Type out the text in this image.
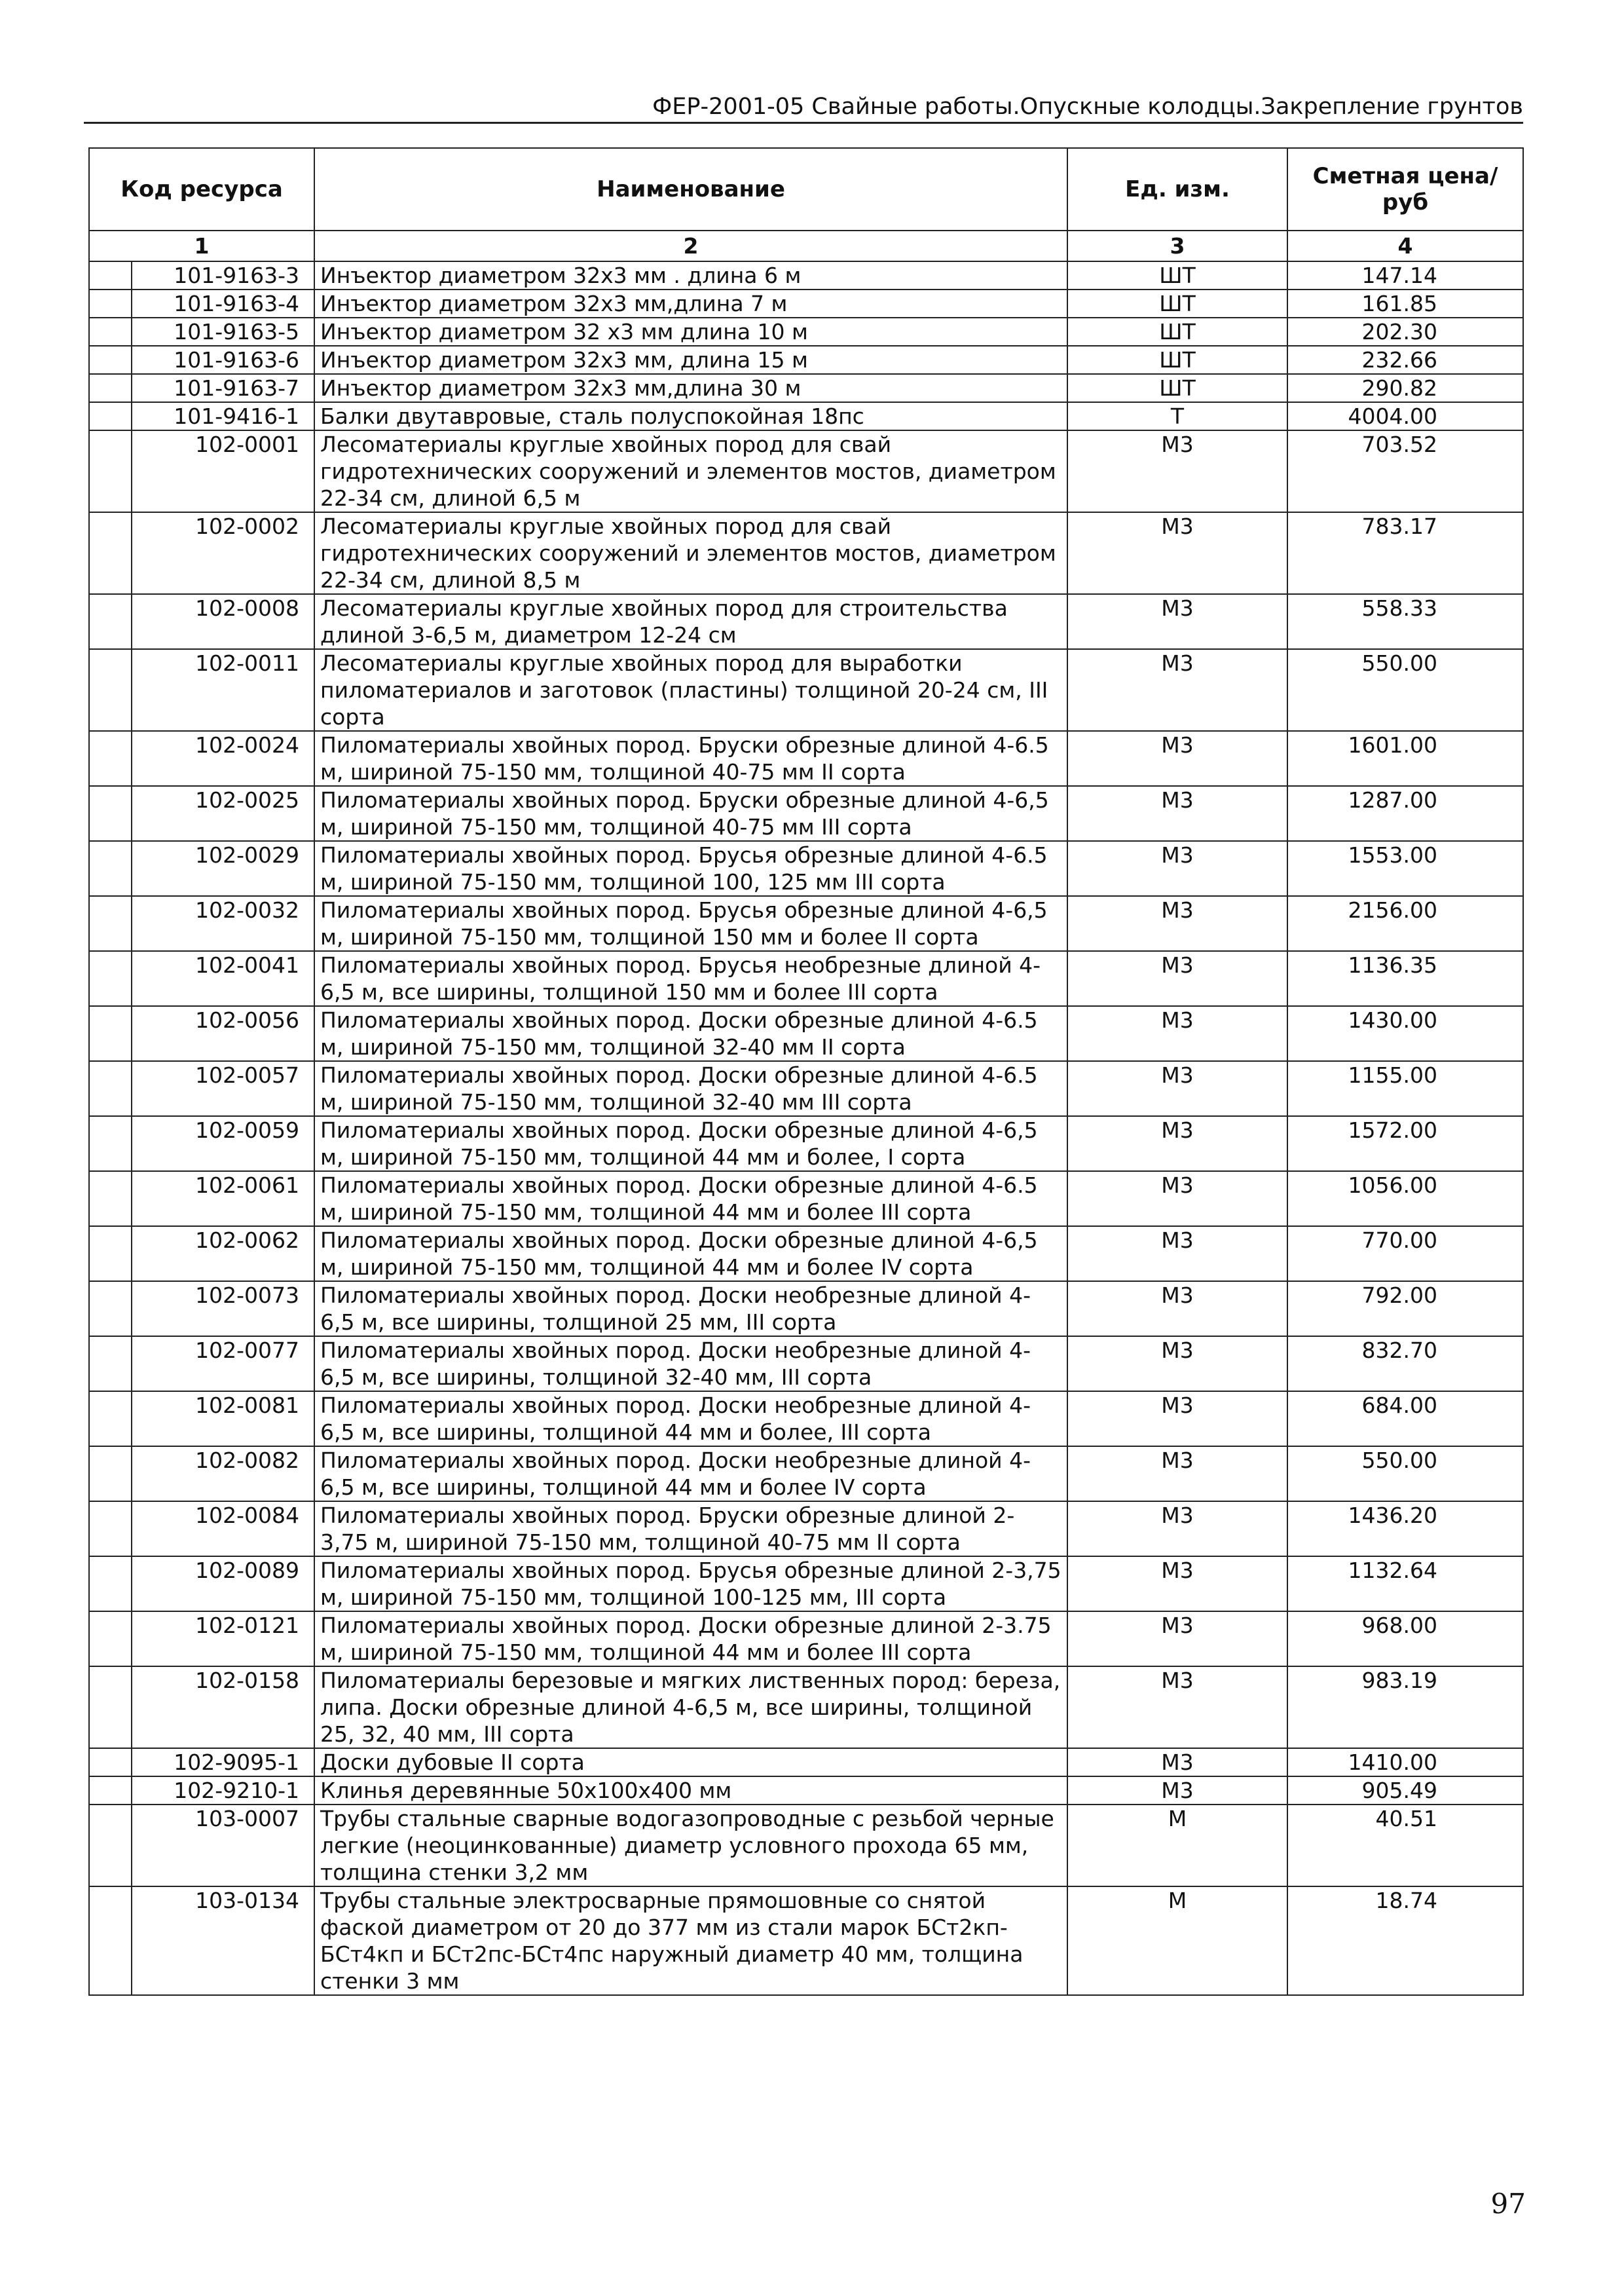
ФЕР-2001-05 Свайные работы.Опускные колодцы.Закрепление грунтов
Код ресурса		Наименование	Ед. изм.	Сметная цена/руб
1		2	3	4
	101-9163-3	Инъектор диаметром 32х3 мм . длина 6 м	ШТ	147.14
	101-9163-4	Инъектор диаметром 32х3 мм,длина 7 м	ШТ	161.85
	101-9163-5	Инъектор диаметром 32 х3 мм длина 10 м	ШТ	202.30
	101-9163-6	Инъектор диаметром 32х3 мм, длина 15 м	ШТ	232.66
	101-9163-7	Инъектор диаметром 32х3 мм,длина 30 м	ШТ	290.82
	101-9416-1	Балки двутавровые, сталь полуспокойная 18пс	Т	4004.00
	102-0001	Лесоматериалы круглые хвойных пород для свай гидротехнических сооружений и элементов мостов, диаметром 22-34 см, длиной 6,5 м	М3	703.52
	102-0002	Лесоматериалы круглые хвойных пород для свай гидротехнических сооружений и элементов мостов, диаметром 22-34 см, длиной 8,5 м	М3	783.17
	102-0008	Лесоматериалы круглые хвойных пород для строительства длиной 3-6,5 м, диаметром 12-24 см	М3	558.33
	102-0011	Лесоматериалы круглые хвойных пород для выработки пиломатериалов и заготовок (пластины) толщиной 20-24 см, III сорта	М3	550.00
	102-0024	Пиломатериалы хвойных пород. Бруски обрезные длиной 4-6.5 м, шириной 75-150 мм, толщиной 40-75 мм II сорта	М3	1601.00
	102-0025	Пиломатериалы хвойных пород. Бруски обрезные длиной 4-6,5 м, шириной 75-150 мм, толщиной 40-75 мм III сорта	М3	1287.00
	102-0029	Пиломатериалы хвойных пород. Брусья обрезные длиной 4-6.5 м, шириной 75-150 мм, толщиной 100, 125 мм III сорта	М3	1553.00
	102-0032	Пиломатериалы хвойных пород. Брусья обрезные длиной 4-6,5 м, шириной 75-150 мм, толщиной 150 мм и более II сорта	М3	2156.00
	102-0041	Пиломатериалы хвойных пород. Брусья необрезные длиной 4-6,5 м, все ширины, толщиной 150 мм и более III сорта	М3	1136.35
	102-0056	Пиломатериалы хвойных пород. Доски обрезные длиной 4-6.5 м, шириной 75-150 мм, толщиной 32-40 мм II сорта	М3	1430.00
	102-0057	Пиломатериалы хвойных пород. Доски обрезные длиной 4-6.5 м, шириной 75-150 мм, толщиной 32-40 мм III сорта	М3	1155.00
	102-0059	Пиломатериалы хвойных пород. Доски обрезные длиной 4-6,5 м, шириной 75-150 мм, толщиной 44 мм и более, I сорта	М3	1572.00
	102-0061	Пиломатериалы хвойных пород. Доски обрезные длиной 4-6.5 м, шириной 75-150 мм, толщиной 44 мм и более III сорта	М3	1056.00
	102-0062	Пиломатериалы хвойных пород. Доски обрезные длиной 4-6,5 м, шириной 75-150 мм, толщиной 44 мм и более IV сорта	М3	770.00
	102-0073	Пиломатериалы хвойных пород. Доски необрезные длиной 4-6,5 м, все ширины, толщиной 25 мм, III сорта	М3	792.00
	102-0077	Пиломатериалы хвойных пород. Доски необрезные длиной 4-6,5 м, все ширины, толщиной 32-40 мм, III сорта	М3	832.70
	102-0081	Пиломатериалы хвойных пород. Доски необрезные длиной 4-6,5 м, все ширины, толщиной 44 мм и более, III сорта	М3	684.00
	102-0082	Пиломатериалы хвойных пород. Доски необрезные длиной 4-6,5 м, все ширины, толщиной 44 мм и более IV сорта	М3	550.00
	102-0084	Пиломатериалы хвойных пород. Бруски обрезные длиной 2-3,75 м, шириной 75-150 мм, толщиной 40-75 мм II сорта	М3	1436.20
	102-0089	Пиломатериалы хвойных пород. Брусья обрезные длиной 2-3,75 м, шириной 75-150 мм, толщиной 100-125 мм, III сорта	М3	1132.64
	102-0121	Пиломатериалы хвойных пород. Доски обрезные длиной 2-3.75 м, шириной 75-150 мм, толщиной 44 мм и более III сорта	М3	968.00
	102-0158	Пиломатериалы березовые и мягких лиственных пород: береза, липа. Доски обрезные длиной 4-6,5 м, все ширины, толщиной 25, 32, 40 мм, III сорта	М3	983.19
	102-9095-1	Доски дубовые II сорта	М3	1410.00
	102-9210-1	Клинья деревянные 50х100х400 мм	М3	905.49
	103-0007	Трубы стальные сварные водогазопроводные с резьбой черные легкие (неоцинкованные) диаметр условного прохода 65 мм, толщина стенки 3,2 мм	М	40.51
	103-0134	Трубы стальные электросварные прямошовные со снятой фаской диаметром от 20 до 377 мм из стали марок БСт2кп-БСт4кп и БСт2пс-БСт4пс наружный диаметр 40 мм, толщина стенки 3 мм	М	18.74
97
